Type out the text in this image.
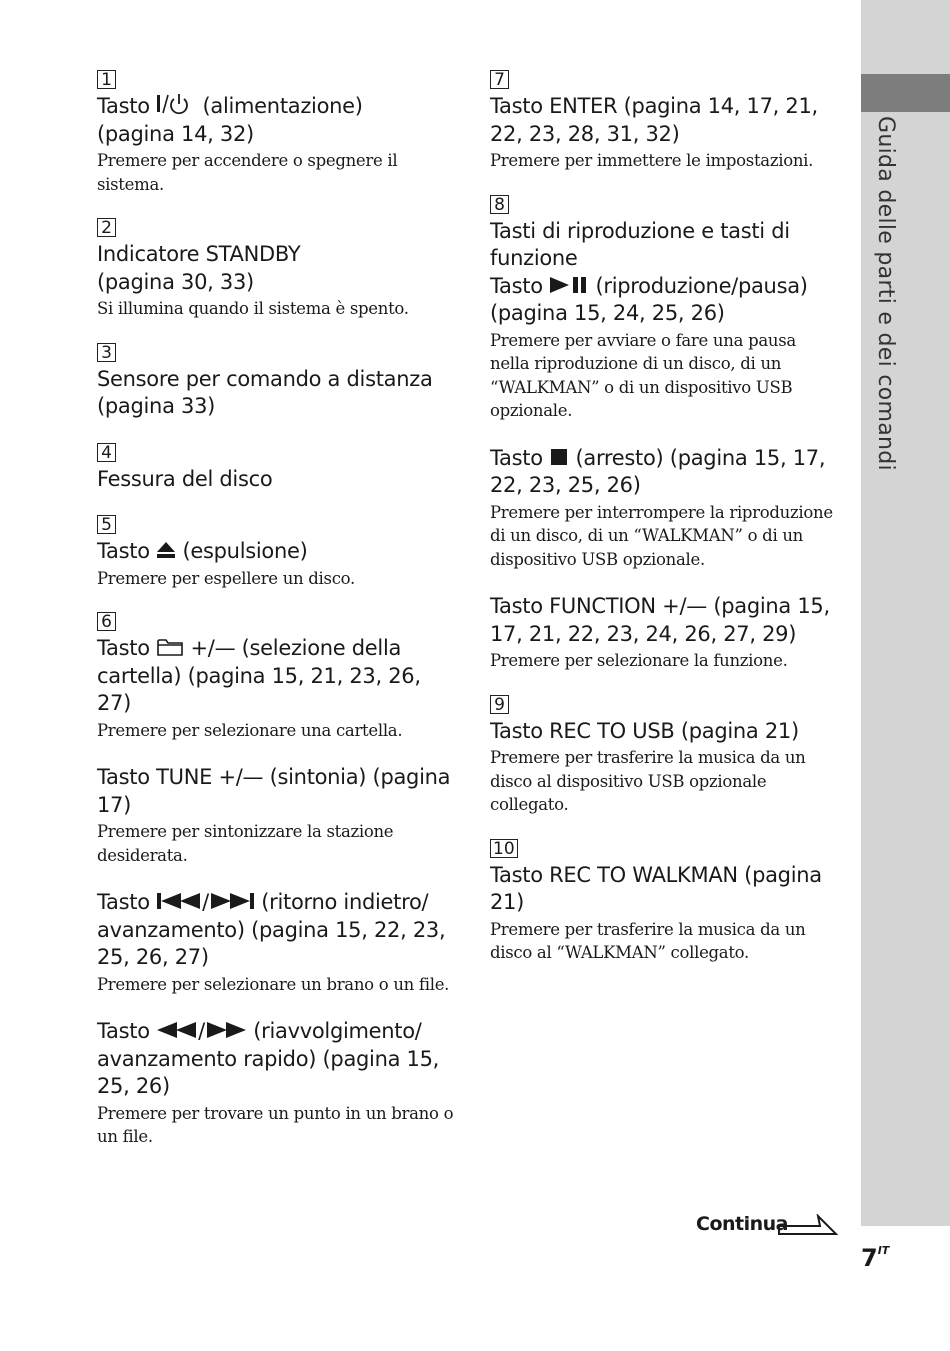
Guida delle parti e dei comandi
1
Tasto  (alimentazione)
(pagina 14, 32)
Premere per accendere o spegnere il sistema.
2
Indicatore STANDBY
(pagina 30, 33)
Si illumina quando il sistema è spento.
3
Sensore per comando a distanza
(pagina 33)
4
Fessura del disco
5
Tasto  (espulsione)
Premere per espellere un disco.
6
Tasto  +/— (selezione della
cartella) (pagina 15, 21, 23, 26, 27)
Premere per selezionare una cartella.
Tasto TUNE +/— (sintonia) (pagina 17)
Premere per sintonizzare la stazione desiderata.
Tasto / (ritorno indietro/
avanzamento) (pagina 15, 22, 23, 25, 26, 27)
Premere per selezionare un brano o un file.
Tasto / (riavvolgimento/
avanzamento rapido) (pagina 15, 25, 26)
Premere per trovare un punto in un brano o un file.
7
Tasto ENTER (pagina 14, 17, 21, 22, 23, 28, 31, 32)
Premere per immettere le impostazioni.
8
Tasti di riproduzione e tasti di funzione
Tasto  (riproduzione/pausa)
(pagina 15, 24, 25, 26)
Premere per avviare o fare una pausa nella riproduzione di un disco, di un “WALKMAN” o di un dispositivo USB opzionale.
Tasto  (arresto) (pagina 15, 17,
22, 23, 25, 26)
Premere per interrompere la riproduzione di un disco, di un “WALKMAN” o di un dispositivo USB opzionale.
Tasto FUNCTION +/— (pagina 15, 17, 21, 22, 23, 24, 26, 27, 29)
Premere per selezionare la funzione.
9
Tasto REC TO USB (pagina 21)
Premere per trasferire la musica da un disco al dispositivo USB opzionale collegato.
10
Tasto REC TO WALKMAN (pagina 21)
Premere per trasferire la musica da un disco al “WALKMAN” collegato.
Continua
$7^{IT}$
